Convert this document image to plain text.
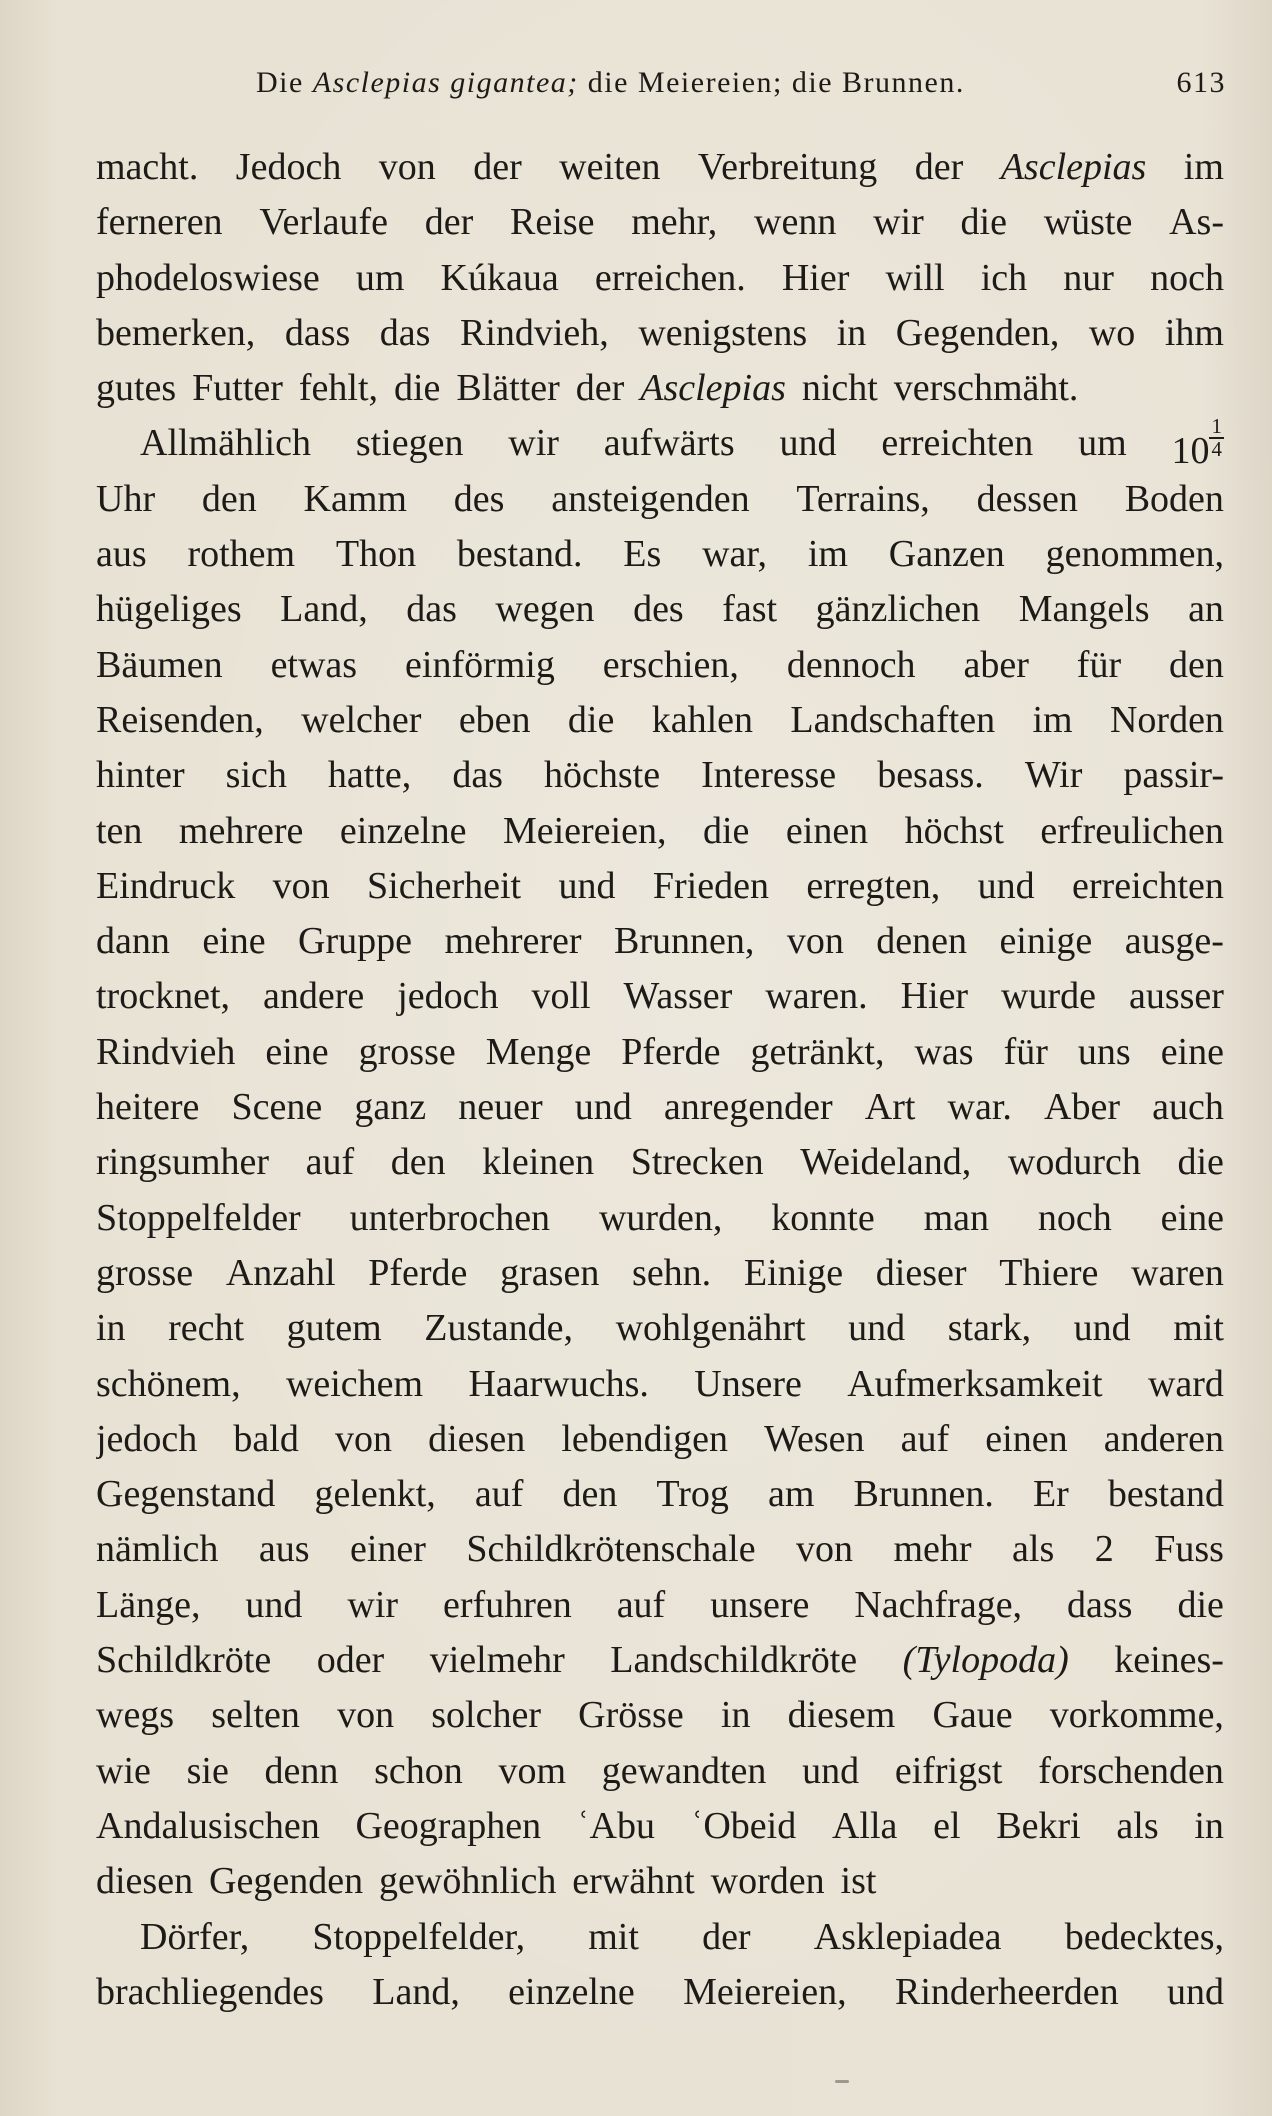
Die Asclepias gigantea; die Meiereien; die Brunnen.	613
macht. Jedoch von der weiten Verbreitung der Asclepias im
ferneren Verlaufe der Reise mehr, wenn wir die wüste As-
phodeloswiese um Kúkaua erreichen. Hier will ich nur noch
bemerken, dass das Rindvieh, wenigstens in Gegenden, wo ihm
gutes Futter fehlt, die Blätter der Asclepias nicht verschmäht.
Allmählich stiegen wir aufwärts und erreichten um $10 \frac{1}{4}$
Uhr den Kamm des ansteigenden Terrains, dessen Boden
aus rothem Thon bestand. Es war, im Ganzen genommen,
hügeliges Land, das wegen des fast gänzlichen Mangels an
Bäumen etwas einförmig erschien, dennoch aber für den
Reisenden, welcher eben die kahlen Landschaften im Norden
hinter sich hatte, das höchste Interesse besass. Wir passir-
ten mehrere einzelne Meiereien, die einen höchst erfreulichen
Eindruck von Sicherheit und Frieden erregten, und erreichten
dann eine Gruppe mehrerer Brunnen, von denen einige ausge-
trocknet, andere jedoch voll Wasser waren. Hier wurde ausser
Rindvieh eine grosse Menge Pferde getränkt, was für uns eine
heitere Scene ganz neuer und anregender Art war. Aber auch
ringsumher auf den kleinen Strecken Weideland, wodurch die
Stoppelfelder unterbrochen wurden, konnte man noch eine
grosse Anzahl Pferde grasen sehn. Einige dieser Thiere waren
in recht gutem Zustande, wohlgenährt und stark, und mit
schönem, weichem Haarwuchs. Unsere Aufmerksamkeit ward
jedoch bald von diesen lebendigen Wesen auf einen anderen
Gegenstand gelenkt, auf den Trog am Brunnen. Er bestand
nämlich aus einer Schildkrötenschale von mehr als 2 Fuss
Länge, und wir erfuhren auf unsere Nachfrage, dass die
Schildkröte oder vielmehr Landschildkröte (Tylopoda) keines-
wegs selten von solcher Grösse in diesem Gaue vorkomme,
wie sie denn schon vom gewandten und eifrigst forschenden
Andalusischen Geographen ʿAbu ʿObeid Alla el Bekri als in
diesen Gegenden gewöhnlich erwähnt worden ist
Dörfer, Stoppelfelder, mit der Asklepiadea bedecktes,
brachliegendes Land, einzelne Meiereien, Rinderheerden und
